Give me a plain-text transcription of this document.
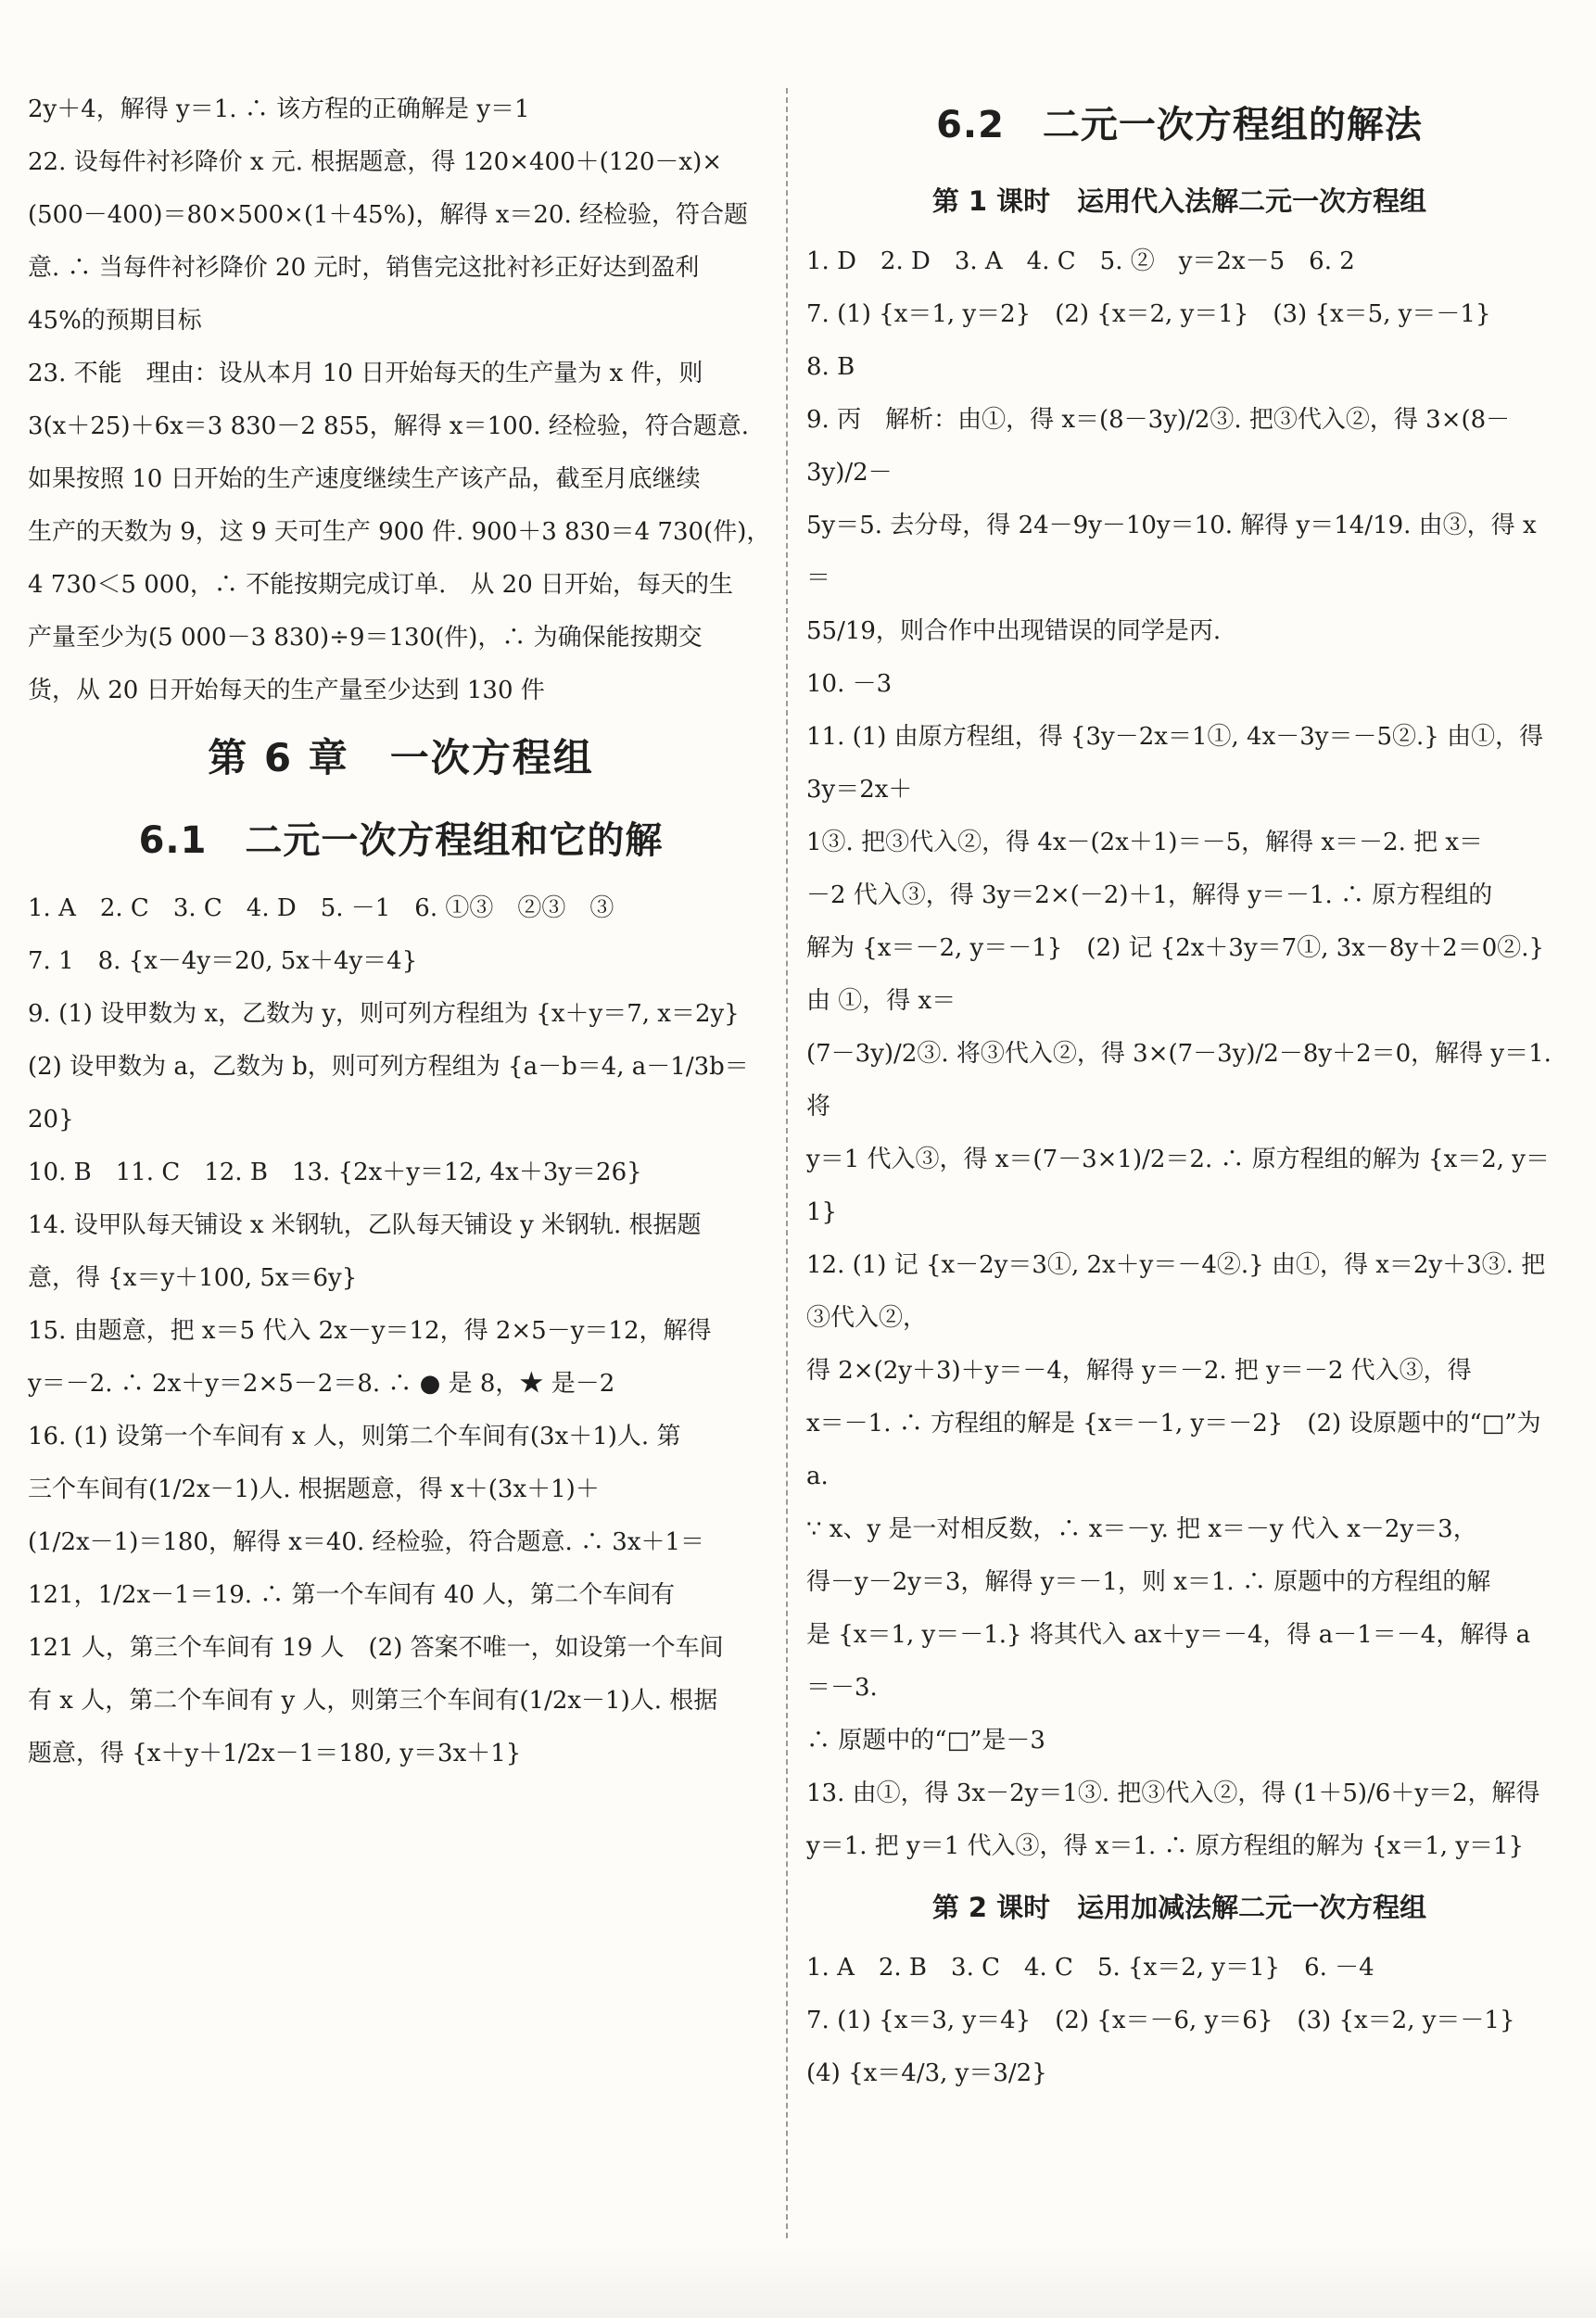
2y＋4，解得 y＝1. ∴ 该方程的正确解是 y＝1

22. 设每件衬衫降价 x 元. 根据题意，得 120×400＋(120－x)×

(500－400)＝80×500×(1＋45%)，解得 x＝20. 经检验，符合题

意. ∴ 当每件衬衫降价 20 元时，销售完这批衬衫正好达到盈利

45%的预期目标

23. 不能　理由：设从本月 10 日开始每天的生产量为 x 件，则

3(x＋25)＋6x＝3 830－2 855，解得 x＝100. 经检验，符合题意.

如果按照 10 日开始的生产速度继续生产该产品，截至月底继续

生产的天数为 9，这 9 天可生产 900 件. 900＋3 830＝4 730(件)，

4 730＜5 000，∴ 不能按期完成订单.　从 20 日开始，每天的生

产量至少为(5 000－3 830)÷9＝130(件)，∴ 为确保能按期交

货，从 20 日开始每天的生产量至少达到 130 件

第 6 章　一次方程组
6.1　二元一次方程组和它的解

1. A　2. C　3. C　4. D　5. －1　6. ①③　②③　③

7. 1　8. {x－4y＝20, 5x＋4y＝4}

9. (1) 设甲数为 x，乙数为 y，则可列方程组为 {x＋y＝7, x＝2y}

(2) 设甲数为 a，乙数为 b，则可列方程组为 {a－b＝4, a－1/3b＝20}

10. B　11. C　12. B　13. {2x＋y＝12, 4x＋3y＝26}

14. 设甲队每天铺设 x 米钢轨，乙队每天铺设 y 米钢轨. 根据题

意，得 {x＝y＋100, 5x＝6y}

15. 由题意，把 x＝5 代入 2x－y＝12，得 2×5－y＝12，解得

y＝－2. ∴ 2x＋y＝2×5－2＝8. ∴ ● 是 8，★ 是－2

16. (1) 设第一个车间有 x 人，则第二个车间有(3x＋1)人. 第

三个车间有(1/2x－1)人. 根据题意，得 x＋(3x＋1)＋

(1/2x－1)＝180，解得 x＝40. 经检验，符合题意. ∴ 3x＋1＝

121，1/2x－1＝19. ∴ 第一个车间有 40 人，第二个车间有

121 人，第三个车间有 19 人　(2) 答案不唯一，如设第一个车间

有 x 人，第二个车间有 y 人，则第三个车间有(1/2x－1)人. 根据

题意，得 {x＋y＋1/2x－1＝180, y＝3x＋1}

6.2　二元一次方程组的解法
第 1 课时　运用代入法解二元一次方程组

1. D　2. D　3. A　4. C　5. ②　y＝2x－5　6. 2

7. (1) {x＝1, y＝2}　(2) {x＝2, y＝1}　(3) {x＝5, y＝－1}

8. B

9. 丙　解析：由①，得 x＝(8－3y)/2③. 把③代入②，得 3×(8－3y)/2－

5y＝5. 去分母，得 24－9y－10y＝10. 解得 y＝14/19. 由③，得 x＝

55/19，则合作中出现错误的同学是丙.

10. －3

11. (1) 由原方程组，得 {3y－2x＝1①, 4x－3y＝－5②.} 由①，得 3y＝2x＋

1③. 把③代入②，得 4x－(2x＋1)＝－5，解得 x＝－2. 把 x＝

－2 代入③，得 3y＝2×(－2)＋1，解得 y＝－1. ∴ 原方程组的

解为 {x＝－2, y＝－1}　(2) 记 {2x＋3y＝7①, 3x－8y＋2＝0②.} 由 ①，得 x＝

(7－3y)/2③. 将③代入②，得 3×(7－3y)/2－8y＋2＝0，解得 y＝1. 将

y＝1 代入③，得 x＝(7－3×1)/2＝2. ∴ 原方程组的解为 {x＝2, y＝1}

12. (1) 记 {x－2y＝3①, 2x＋y＝－4②.} 由①，得 x＝2y＋3③. 把③代入②，

得 2×(2y＋3)＋y＝－4，解得 y＝－2. 把 y＝－2 代入③，得

x＝－1. ∴ 方程组的解是 {x＝－1, y＝－2}　(2) 设原题中的“□”为 a.

∵ x、y 是一对相反数，∴ x＝－y. 把 x＝－y 代入 x－2y＝3，

得－y－2y＝3，解得 y＝－1，则 x＝1. ∴ 原题中的方程组的解

是 {x＝1, y＝－1.} 将其代入 ax＋y＝－4，得 a－1＝－4，解得 a＝－3.

∴ 原题中的“□”是－3

13. 由①，得 3x－2y＝1③. 把③代入②，得 (1＋5)/6＋y＝2，解得

y＝1. 把 y＝1 代入③，得 x＝1. ∴ 原方程组的解为 {x＝1, y＝1}

第 2 课时　运用加减法解二元一次方程组

1. A　2. B　3. C　4. C　5. {x＝2, y＝1}　6. －4

7. (1) {x＝3, y＝4}　(2) {x＝－6, y＝6}　(3) {x＝2, y＝－1}　(4) {x＝4/3, y＝3/2}
